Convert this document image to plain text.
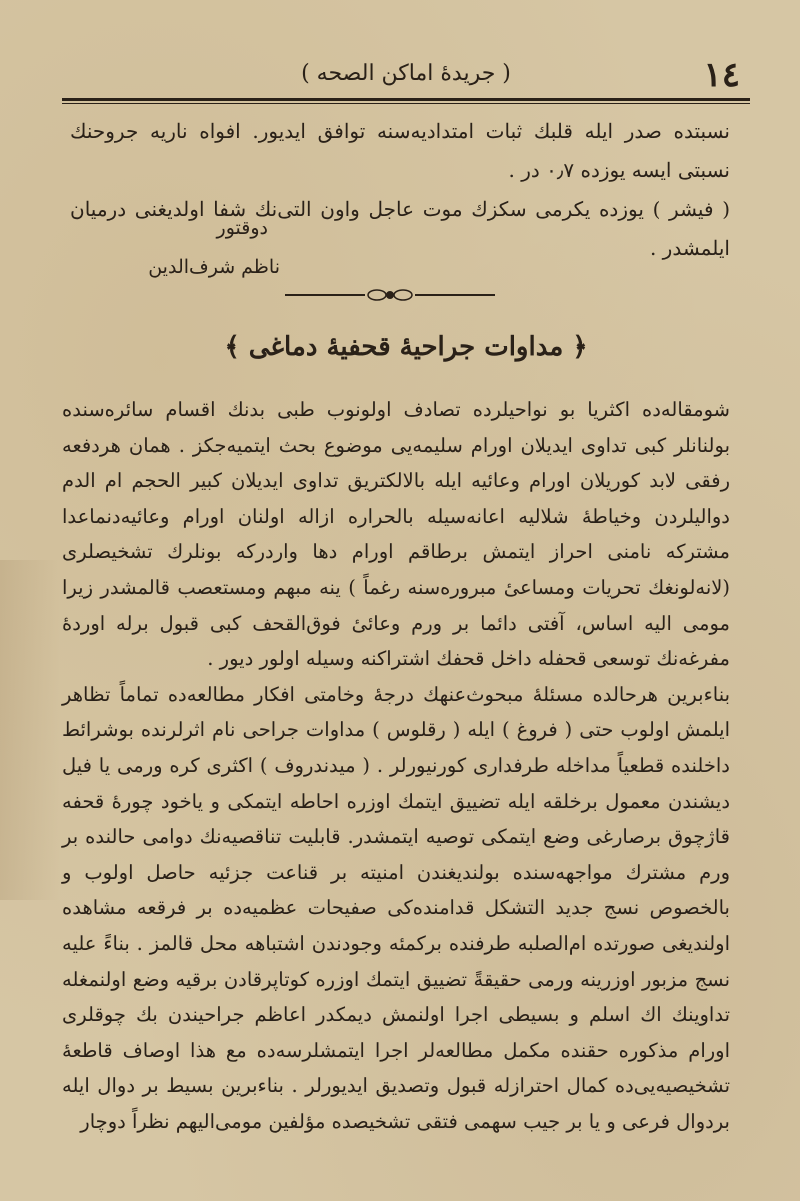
١٤
( جريدهٔ اماكن الصحه )

نسبتده صدر ایله قلبك ثبات امتدادیه‌سنه توافق ایدیور. افواه ناریه جروحنك نسبتی ایسه یوزده ٠٫٧ در .

( فیشر ) یوزده یکرمی سکزك موت عاجل واون التی‌نك شفا اولدیغنی درمیان ایلمشدر .

دوقتور
ناظم شرف‌الدین
﴿ مداوات جراحیهٔ قحفیهٔ دماغی ﴾

شومقاله‌ده اکثریا بو نواحیلرده تصادف اولونوب طبی بدنك اقسام سائره‌سنده بولنانلر کبی تداوی ایدیلان اورام سلیمه‌یی موضوع بحث ایتمیه‌جکز . همان هردفعه رفقی لابد کوریلان اورام وعائیه ایله بالالکتریق تداوی ایدیلان کبیر الحجم ام الدم دوالیلردن وخیاطهٔ شلالیه اعانه‌سیله بالحراره ازاله اولنان اورام وعائیه‌دنماعدا مشترکه نامنی احراز ایتمش برطاقم اورام دها واردرکه بونلرك تشخیصلری (لانه‌لونغك تحریات ومساعیٔ مبروره‌سنه رغماً ) ینه مبهم ومستعصب قالمشدر زیرا مومی الیه اساس، آفتی دائما بر ورم وعائیٔ فوق‌القحف کبی قبول برله اوردهٔ مفرغه‌نك توسعی قحفله داخل قحفك اشتراکنه وسیله اولور دیور .

بناءبرین هرحالده مسئلهٔ مبحوث‌عنهك درجهٔ وخامتی افکار مطالعه‌ده تماماً تظاهر ایلمش اولوب حتی ( فروغ ) ایله ( رقلوس ) مداوات جراحی نام اثرلرنده بوشرائط داخلنده قطعیاً مداخله طرفداری کورنیورلر . ( میدندروف ) اکثری کره ورمی یا فیل دیشندن معمول برخلقه ایله تضییق ایتمك اوزره احاطه ایتمکی و یاخود چورهٔ قحفه قاژچوق برصارغی وضع ایتمکی توصیه ایتمشدر. قابلیت تناقصیه‌نك دوامی حالنده بر ورم مشترك مواجهه‌سنده بولندیغندن امنیته بر قناعت جزئیه حاصل اولوب و بالخصوص نسج جدید التشکل قدامنده‌کی صفیحات عظمیه‌ده بر فرقعه مشاهده اولندیغی صورتده ام‌الصلبه طرفنده برکمئه وجودندن اشتباهه محل قالمز . بناءً علیه نسج مزبور اوزرینه ورمی حقیقةً تضییق ایتمك اوزره کوتاپرقادن برقیه وضع اولنمغله تداوینك اك اسلم و بسیطی اجرا اولنمش دیمکدر اعاظم جراحیندن بك چوقلری اورام مذکوره حقنده مکمل مطالعه‌لر اجرا ایتمشلرسه‌ده مع هذا اوصاف قاطعهٔ تشخیصیه‌یی‌ده کمال احترازله قبول وتصدیق ایدیورلر . بناءبرین بسیط بر دوال ایله بردوال فرعی و یا بر جیب سهمی فتقی تشخیصده مؤلفین مومی‌الیهم نظراً دوچار
